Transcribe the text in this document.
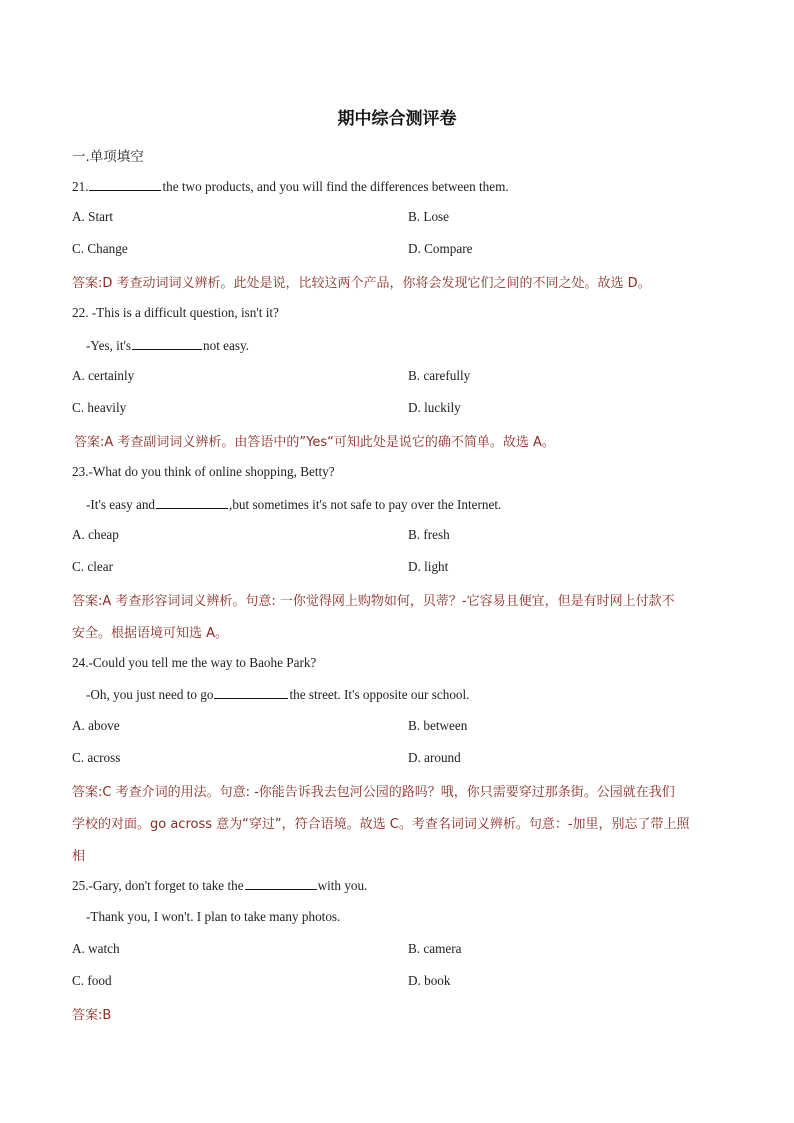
期中综合测评卷
一.单项填空
21.	the two products, and you will find the differences between them.
A. Start	B. Lose
C. Change	D. Compare
答案:D 考查动词词义辨析。此处是说，比较这两个产品，你将会发现它们之间的不同之处。故选 D。
22. -This is a difficult question, isn't it?
-Yes, it's	not easy.
A. certainly	B. carefully
C. heavily	D. luckily
答案:A 考查副词词义辨析。由答语中的”Yes“可知此处是说它的确不简单。故选 A。
23.-What do you think of online shopping, Betty?
-It's easy and	,but sometimes it's not safe to pay over the Internet.
A. cheap	B. fresh
C. clear	D. light
答案:A 考查形容词词义辨析。句意: 一你觉得网上购物如何，贝蒂？-它容易且便宜，但是有时网上付款不
安全。根据语境可知选 A。
24.-Could you tell me the way to Baohe Park?
-Oh, you just need to go	the street. It's opposite our school.
A. above	B. between
C. across	D. around
答案:C 考查介词的用法。句意: -你能告诉我去包河公园的路吗？哦，你只需要穿过那条街。公园就在我们
学校的对面。go across 意为“穿过”，符合语境。故选 C。考查名词词义辨析。句意：-加里，别忘了带上照
相
25.-Gary, don't forget to take the	with you.
-Thank you, I won't. I plan to take many photos.
A. watch	B. camera
C. food	D. book
答案:B
